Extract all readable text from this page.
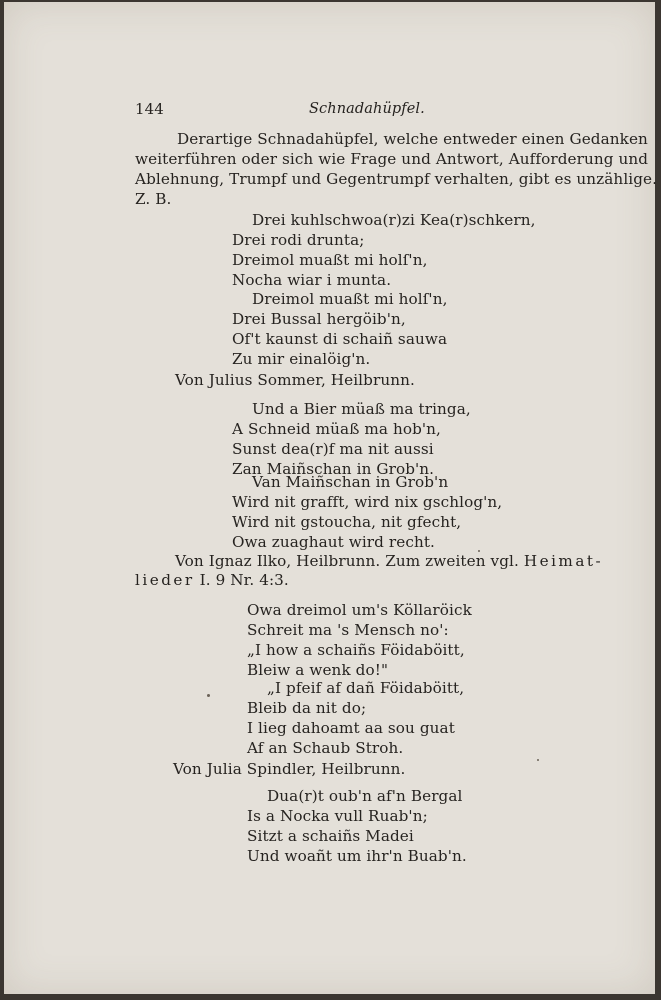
144	Schnadahüpfel.
Derartige Schnadahüpfel, welche entweder einen Gedanken
weiterführen oder sich wie Frage und Antwort, Aufforderung und
Ablehnung, Trumpf und Gegentrumpf verhalten, gibt es unzählige.
Z. B.
Drei kuhlschwoa(r)zi Kea(r)schkern,
Drei rodi drunta;
Dreimol muaßt mi holſ'n,
Nocha wiar i munta.
Dreimol muaßt mi holſ'n,
Drei Bussal hergöib'n,
Of't kaunst di schaiñ sauwa
Zu mir einalöig'n.
Von Julius Sommer, Heilbrunn.
Und a Bier müaß ma tringa,
A Schneid müaß ma hob'n,
Sunst dea(r)f ma nit aussi
Zan Maiñschan in Grob'n.
Van Maiñschan in Grob'n
Wird nit grafft, wird nix gschlog'n,
Wird nit gstoucha, nit gfecht,
Owa zuaghaut wird recht.
Von Ignaz Ilko, Heilbrunn. Zum zweiten vgl. Heimat-
lieder I. 9 Nr. 4:3.
Owa dreimol um's Köllaröick
Schreit ma 's Mensch no':
„I how a schaiñs Föidaböitt,
Bleiw a wenk do!"
„I pfeif af dañ Föidaböitt,
Bleib da nit do;
I lieg dahoamt aa sou guat
Af an Schaub Stroh.
Von Julia Spindler, Heilbrunn.
Dua(r)t oub'n af'n Bergal
Is a Nocka vull Ruab'n;
Sitzt a schaiñs Madei
Und woañt um ihr'n Buab'n.
